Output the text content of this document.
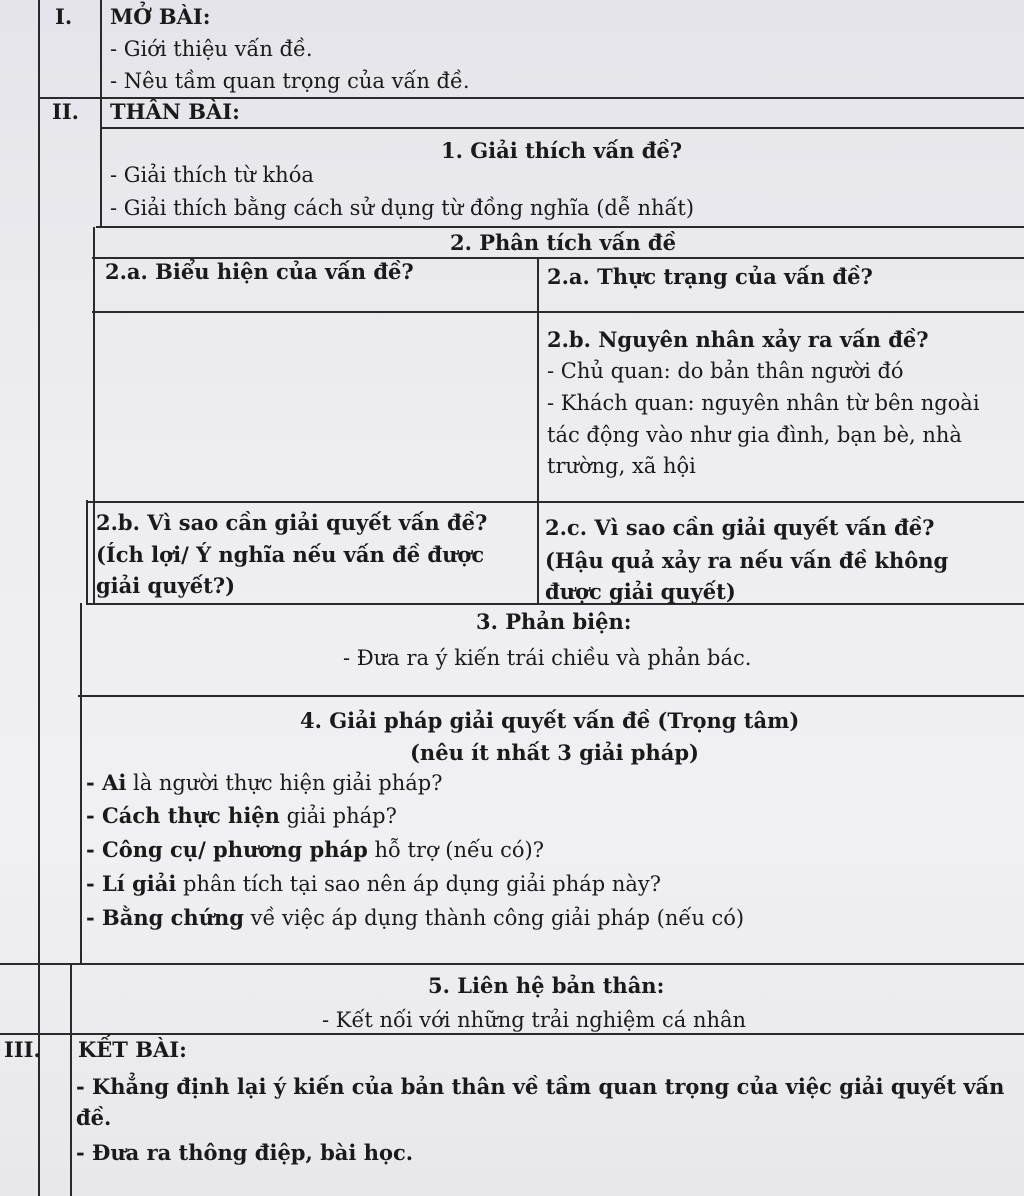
I. MỞ BÀI:
- Giới thiệu vấn đề.
- Nêu tầm quan trọng của vấn đề.
II. THÂN BÀI:
1. Giải thích vấn đề?
- Giải thích từ khóa
- Giải thích bằng cách sử dụng từ đồng nghĩa (dễ nhất)
2. Phân tích vấn đề
2.a. Biểu hiện của vấn đề?	2.a. Thực trạng của vấn đề?
2.b. Nguyên nhân xảy ra vấn đề?
- Chủ quan: do bản thân người đó
- Khách quan: nguyên nhân từ bên ngoài
tác động vào như gia đình, bạn bè, nhà
trường, xã hội
2.b. Vì sao cần giải quyết vấn đề?
(Ích lợi/ Ý nghĩa nếu vấn đề được
giải quyết?)
2.c. Vì sao cần giải quyết vấn đề?
(Hậu quả xảy ra nếu vấn đề không
được giải quyết)
3. Phản biện:
- Đưa ra ý kiến trái chiều và phản bác.
4. Giải pháp giải quyết vấn đề (Trọng tâm)
(nêu ít nhất 3 giải pháp)
- Ai là người thực hiện giải pháp?
- Cách thực hiện giải pháp?
- Công cụ/ phương pháp hỗ trợ (nếu có)?
- Lí giải phân tích tại sao nên áp dụng giải pháp này?
- Bằng chứng về việc áp dụng thành công giải pháp (nếu có)
5. Liên hệ bản thân:
- Kết nối với những trải nghiệm cá nhân
III. KẾT BÀI:
- Khẳng định lại ý kiến của bản thân về tầm quan trọng của việc giải quyết vấn
đề.
- Đưa ra thông điệp, bài học.
